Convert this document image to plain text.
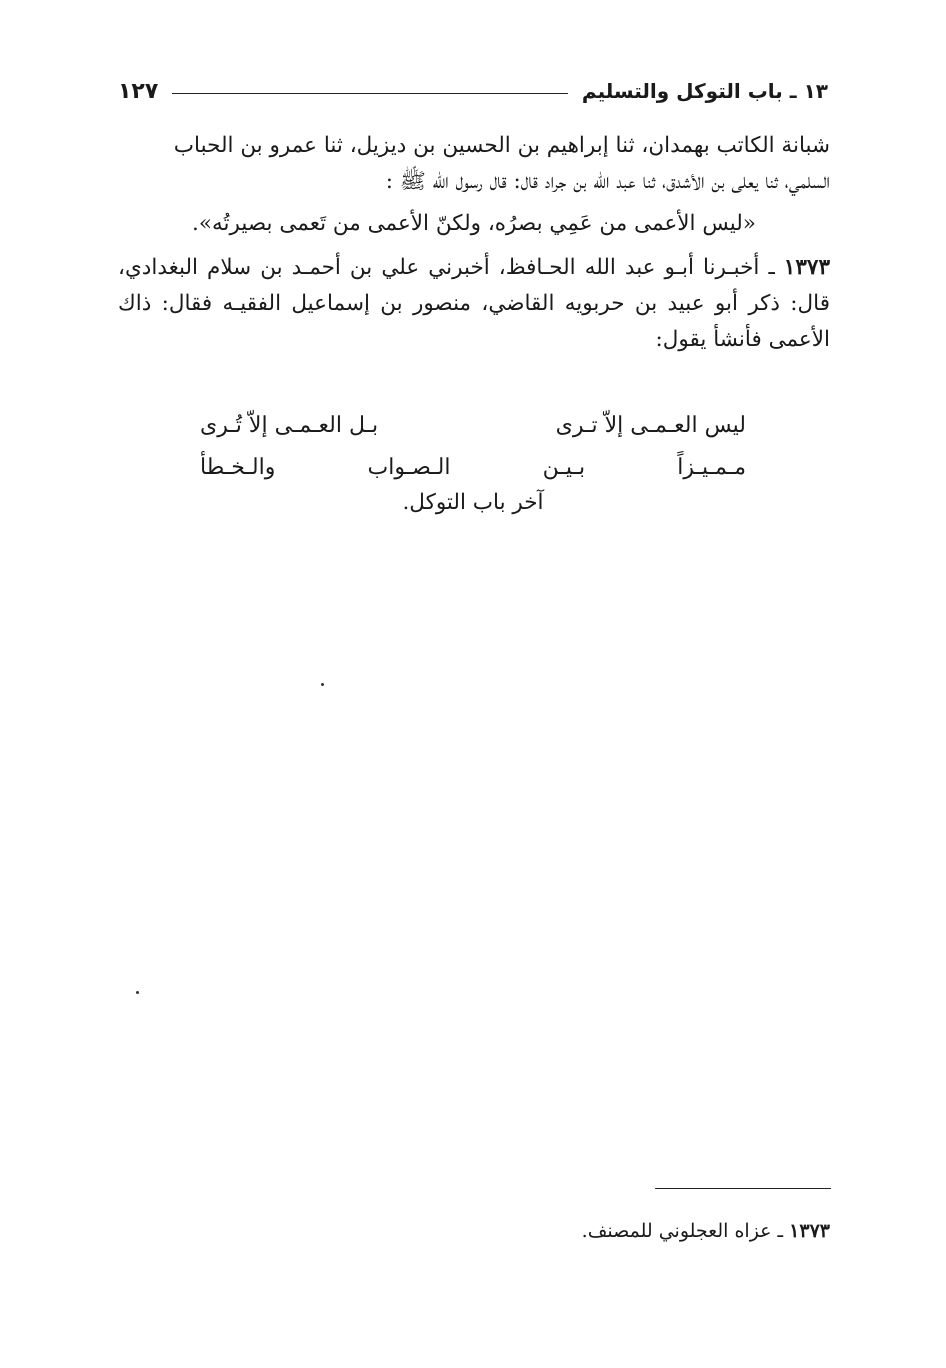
١٣ ـ باب التوكل والتسليم
١٢٧

شبانة الكاتب بهمدان، ثنا إبراهيم بن الحسين بن ديزيل، ثنا عمرو بن الحباب

السلمي، ثنا يعلى بن الأشدق، ثنا عبد الله بن جراد قال: قال رسول الله ﷺ :

«ليس الأعمى من عَمِي بصرُه، ولكنّ الأعمى من تَعمى بصيرتُه».

١٣٧٣ ـ أخبـرنا أبـو عبد الله الحـافظ، أخبرني علي بن أحمـد بن سلام البغدادي، قال: ذكر أبو عبيد بن حربويه القاضي، منصور بن إسماعيل الفقيـه فقال: ذاك الأعمى فأنشأ يقول:

ليس العـمـى إلاّ تـرى
بـل العـمـى إلاّ تُـرى
مـمـيـزاً
بـيـن
الـصـواب
والـخـطأ
آخر باب التوكل.
١٣٧٣ ـ عزاه العجلوني للمصنف.
